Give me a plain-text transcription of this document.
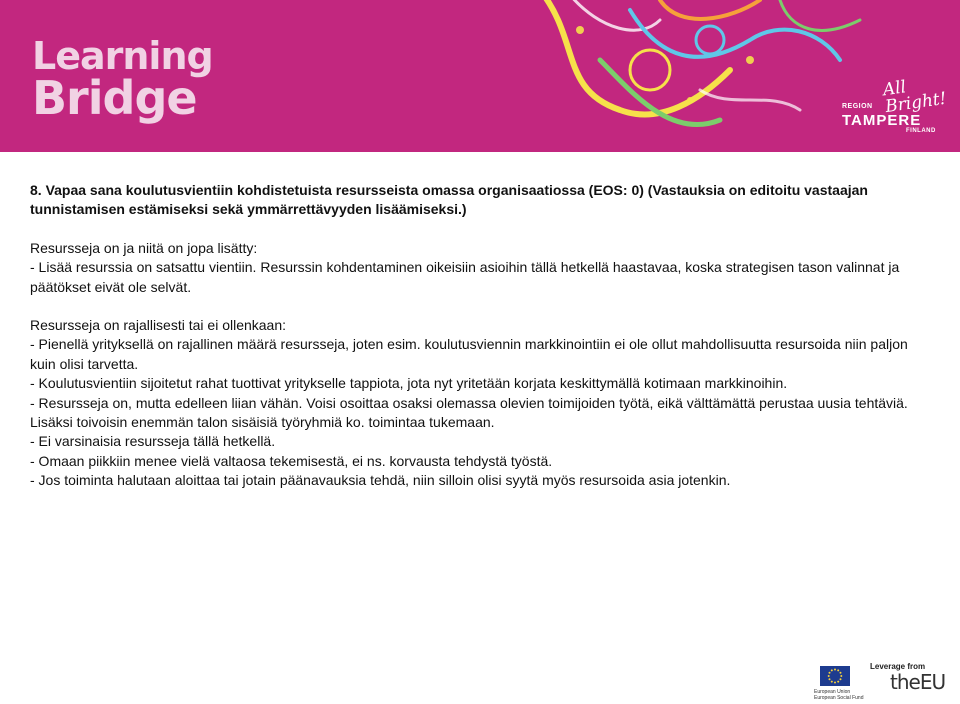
Learning
Bridge	REGION
All Bright!
TAMPERE
FINLAND

8. Vapaa sana koulutusvientiin kohdistetuista resursseista omassa organisaatiossa (EOS: 0) (Vastauksia on editoitu vastaajan tunnistamisen estämiseksi sekä ymmärrettävyyden lisäämiseksi.)

Resursseja on ja niitä on jopa lisätty:

- Lisää resurssia on satsattu vientiin. Resurssin kohdentaminen oikeisiin asioihin tällä hetkellä haastavaa, koska strategisen tason valinnat ja päätökset eivät ole selvät.

Resursseja on rajallisesti tai ei ollenkaan:

- Pienellä yrityksellä on rajallinen määrä resursseja, joten esim. koulutusviennin markkinointiin ei ole ollut mahdollisuutta resursoida niin paljon kuin olisi tarvetta.

- Koulutusvientiin sijoitetut rahat tuottivat yritykselle tappiota, jota nyt yritetään korjata keskittymällä kotimaan markkinoihin.

- Resursseja on, mutta edelleen liian vähän. Voisi osoittaa osaksi olemassa olevien toimijoiden työtä, eikä välttämättä perustaa uusia tehtäviä. Lisäksi toivoisin enemmän talon sisäisiä työryhmiä ko. toimintaa tukemaan.

- Ei varsinaisia resursseja tällä hetkellä.

- Omaan piikkiin menee vielä valtaosa tekemisestä, ei ns. korvausta tehdystä työstä.

- Jos toiminta halutaan aloittaa tai jotain päänavauksia tehdä, niin silloin olisi syytä myös resursoida asia jotenkin.

European Union
European Social Fund
Leverage from
theEU
